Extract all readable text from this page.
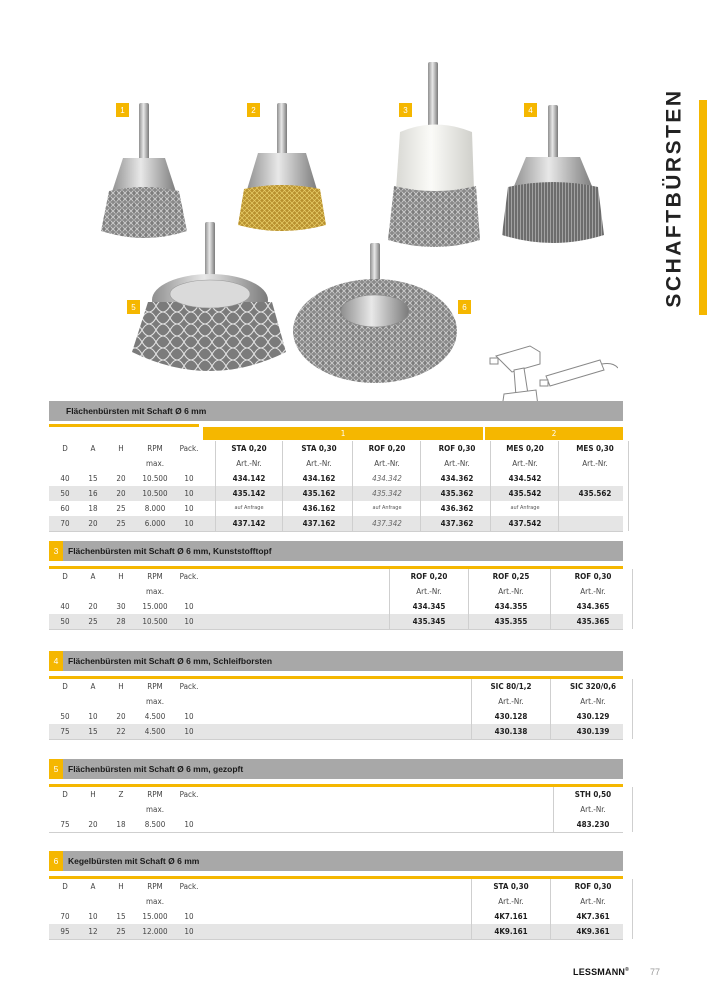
SCHAFTBÜRSTEN
1	2	3	4
5	6
Flächenbürsten mit Schaft Ø 6 mm
1	2
D	A	H	RPM	Pack.	STA 0,20	STA 0,30	ROF 0,20	ROF 0,30	MES 0,20	MES 0,30
max.	Art.-Nr.	Art.-Nr.	Art.-Nr.	Art.-Nr.	Art.-Nr.	Art.-Nr.
40	15	20	10.500	10	434.142	434.162	434.342	434.362	434.542
50	16	20	10.500	10	435.142	435.162	435.342	435.362	435.542	435.562
60	18	25	8.000	10	auf Anfrage	436.162	auf Anfrage	436.362	auf Anfrage
70	20	25	6.000	10	437.142	437.162	437.342	437.362	437.542
3	Flächenbürsten mit Schaft Ø 6 mm, Kunststofftopf
D	A	H	RPM	Pack.	ROF 0,20	ROF 0,25	ROF 0,30
max.	Art.-Nr.	Art.-Nr.	Art.-Nr.
40	20	30	15.000	10	434.345	434.355	434.365
50	25	28	10.500	10	435.345	435.355	435.365
4	Flächenbürsten mit Schaft Ø 6 mm, Schleifborsten
D	A	H	RPM	Pack.	SIC 80/1,2	SIC 320/0,6
max.	Art.-Nr.	Art.-Nr.
50	10	20	4.500	10	430.128	430.129
75	15	22	4.500	10	430.138	430.139
5	Flächenbürsten mit Schaft Ø 6 mm, gezopft
D	H	Z	RPM	Pack.	STH 0,50
max.	Art.-Nr.
75	20	18	8.500	10	483.230
6	Kegelbürsten mit Schaft Ø 6 mm
D	A	H	RPM	Pack.	STA 0,30	ROF 0,30
max.	Art.-Nr.	Art.-Nr.
70	10	15	15.000	10	4K7.161	4K7.361
95	12	25	12.000	10	4K9.161	4K9.361
LESSMANN® 77
